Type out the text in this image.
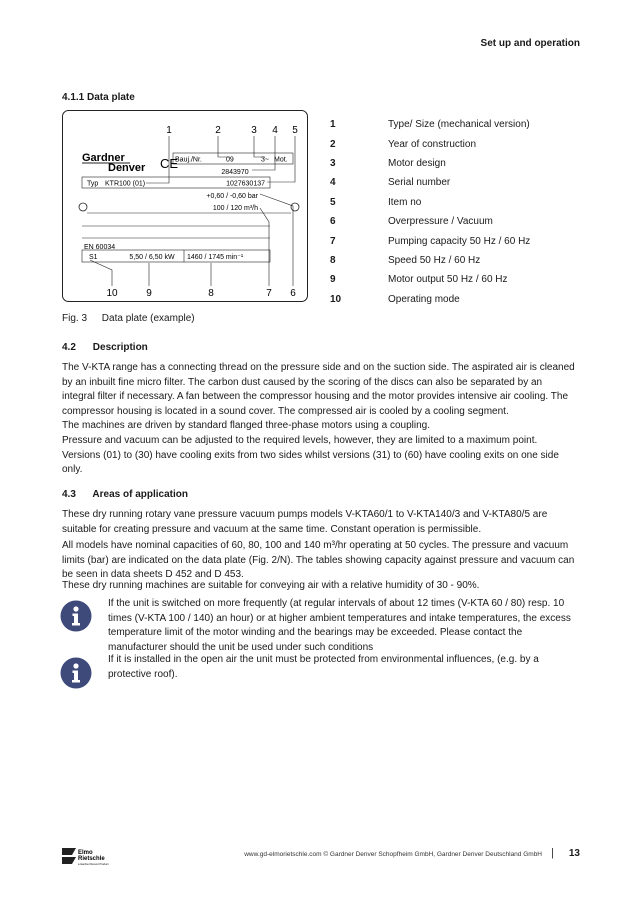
Set up and operation
4.1.1 Data plate
1	2	3 4 5
Gardner
Denver CE
Bauj./Nr.	09	3~ Mot.
2843970
Typ KTR100 (01)	1027630137
+0,60 / -0,60 bar
100 / 120 m³/h
EN 60034
S1	5,50 / 6,50 kW 1460 / 1745 min⁻¹
10	9	8	7 6
1	Type/ Size (mechanical version)
2	Year of construction
3	Motor design
4	Serial number
5	Item no
6	Overpressure / Vacuum
7	Pumping capacity 50 Hz / 60 Hz
8	Speed 50 Hz / 60 Hz
9	Motor output 50 Hz / 60 Hz
10	Operating mode
Fig. 3 Data plate (example)
4.2 Description

The V-KTA range has a connecting thread on the pressure side and on the suction side. The aspirated air is cleaned by an inbuilt fine micro filter. The carbon dust caused by the scoring of the discs can also be separated by an integral filter if necessary. A fan between the compressor housing and the motor provides intensive air cooling. The compressor housing is located in a sound cover. The compressed air is cooled by a cooling segment.
The machines are driven by standard flanged three-phase motors using a coupling.
Pressure and vacuum can be adjusted to the required levels, however, they are limited to a maximum point. Versions (01) to (30) have cooling exits from two sides whilst versions (31) to (60) have cooling exits on one side only.

4.3 Areas of application

These dry running rotary vane pressure vacuum pumps models V-KTA60/1 to V-KTA140/3 and V-KTA80/5 are suitable for creating pressure and vacuum at the same time. Constant operation is permissible.

All models have nominal capacities of 60, 80, 100 and 140 m³/hr operating at 50 cycles. The pressure and vacuum limits (bar) are indicated on the data plate (Fig. 2/N). The tables showing capacity against pressure and vacuum can be seen in data sheets D 452 and D 453.

These dry running machines are suitable for conveying air with a relative humidity of 30 - 90%.

If the unit is switched on more frequently (at regular intervals of about 12 times (V-KTA 60 / 80) resp. 10 times (V-KTA 100 / 140) an hour) or at higher ambient temperatures and intake temperatures, the excess temperature limit of the motor winding and the bearings may be exceeded. Please contact the manufacturer should the unit be used under such conditions

If it is installed in the open air the unit must be protected from environmental influences, (e.g. by a protective roof).

Elmo
Rietschle
a Gardner Denver Product
www.gd-elmorietschle.com © Gardner Denver Schopfheim GmbH, Gardner Denver Deutschland GmbH | 13
